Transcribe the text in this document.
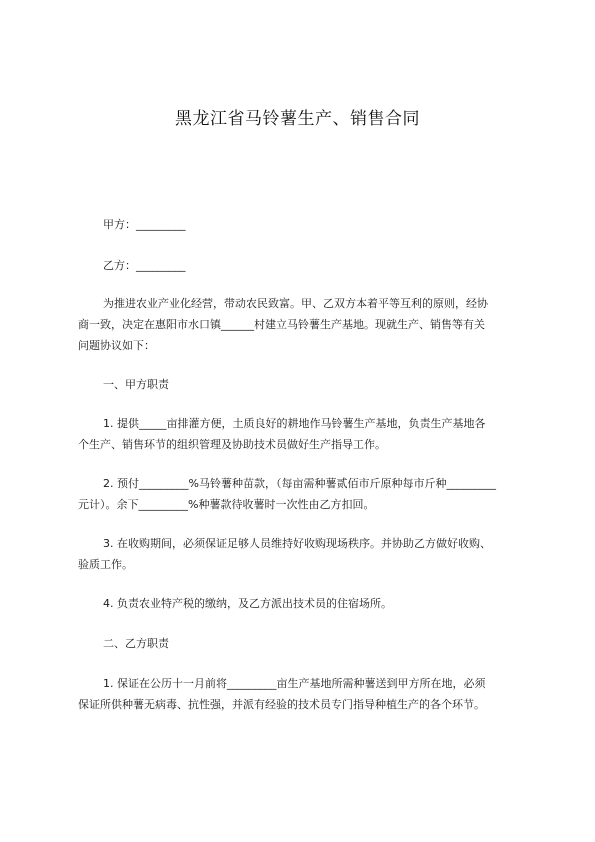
黑龙江省马铃薯生产、销售合同
甲方：_________
乙方：_________
为推进农业产业化经营，带动农民致富。甲、乙双方本着平等互利的原则，经协
商一致，决定在惠阳市水口镇______村建立马铃薯生产基地。现就生产、销售等有关
问题协议如下：
一、甲方职责
1. 提供_____亩排灌方便，土质良好的耕地作马铃薯生产基地，负责生产基地各
个生产、销售环节的组织管理及协助技术员做好生产指导工作。
2. 预付_________%马铃薯种苗款，（每亩需种薯贰佰市斤原种每市斤种_________
元计）。余下_________%种薯款待收薯时一次性由乙方扣回。
3. 在收购期间，必须保证足够人员维持好收购现场秩序。并协助乙方做好收购、
验质工作。
4. 负责农业特产税的缴纳，及乙方派出技术员的住宿场所。
二、乙方职责
1. 保证在公历十一月前将_________亩生产基地所需种薯送到甲方所在地，必须
保证所供种薯无病毒、抗性强，并派有经验的技术员专门指导种植生产的各个环节。
